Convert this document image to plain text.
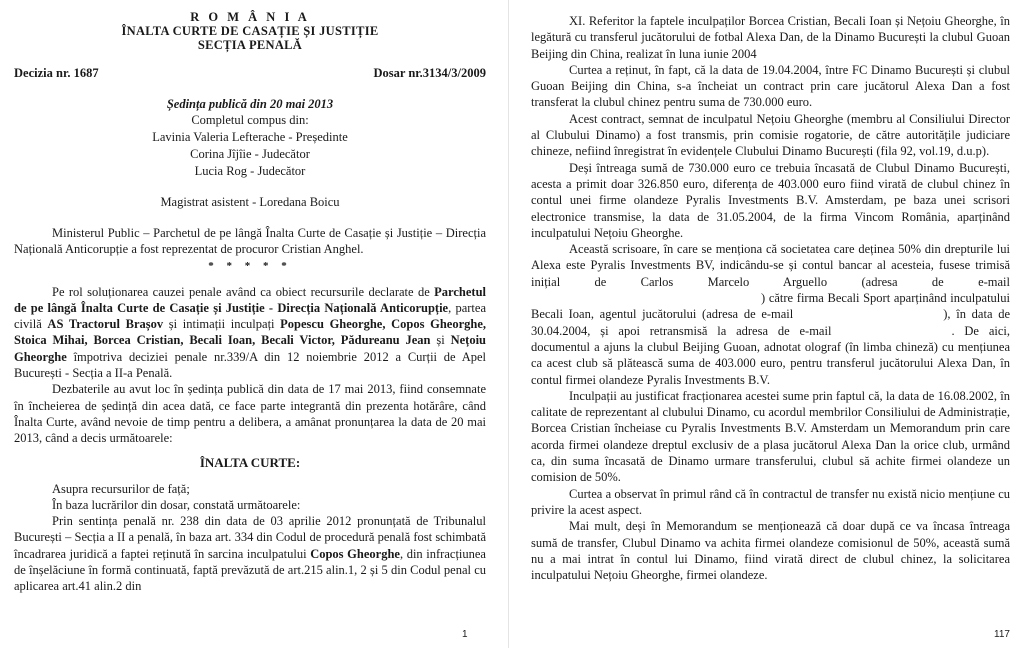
R O M Â N I A

ÎNALTA CURTE DE CASAȚIE ȘI JUSTIȚIE

SECȚIA PENALĂ

Decizia nr. 1687	Dosar nr.3134/3/2009

Ședința publică din 20 mai 2013

Completul compus din:

Lavinia Valeria Lefterache - Președinte

Corina Jîjîie - Judecător

Lucia Rog - Judecător

Magistrat asistent - Loredana Boicu

Ministerul Public – Parchetul de pe lângă Înalta Curte de Casație și Justiție – Direcția Națională Anticorupție a fost reprezentat de procuror Cristian Anghel.

* * * * *

Pe rol soluționarea cauzei penale având ca obiect recursurile declarate de Parchetul de pe lângă Înalta Curte de Casație și Justiție - Direcția Națională Anticorupție, partea civilă AS Tractorul Brașov și intimații inculpați Popescu Gheorghe, Copos Gheorghe, Stoica Mihai, Borcea Cristian, Becali Ioan, Becali Victor, Pădureanu Jean și Nețoiu Gheorghe împotriva deciziei penale nr.339/A din 12 noiembrie 2012 a Curții de Apel București - Secția a II-a Penală.

Dezbaterile au avut loc în ședința publică din data de 17 mai 2013, fiind consemnate în încheierea de ședință din acea dată, ce face parte integrantă din prezenta hotărâre, când Înalta Curte, având nevoie de timp pentru a delibera, a amânat pronunțarea la data de 20 mai 2013, când a decis următoarele:

ÎNALTA CURTE:

Asupra recursurilor de față;

În baza lucrărilor din dosar, constată următoarele:

Prin sentința penală nr. 238 din data de 03 aprilie 2012 pronunțată de Tribunalul București – Secția a II a penală, în baza art. 334 din Codul de procedură penală fost schimbată încadrarea juridică a faptei reținută în sarcina inculpatului Copos Gheorghe, din infracțiunea de înșelăciune în formă continuată, faptă prevăzută de art.215 alin.1, 2 și 5 din Codul penal cu aplicarea art.41 alin.2 din

1

XI. Referitor la faptele inculpaților Borcea Cristian, Becali Ioan și Nețoiu Gheorghe, în legătură cu transferul jucătorului de fotbal Alexa Dan, de la Dinamo București la clubul Guoan Beijing din China, realizat în luna iunie 2004

Curtea a reținut, în fapt, că la data de 19.04.2004, între FC Dinamo București și clubul Guoan Beijing din China, s-a încheiat un contract prin care jucătorul Alexa Dan a fost transferat la clubul chinez pentru suma de 730.000 euro.

Acest contract, semnat de inculpatul Nețoiu Gheorghe (membru al Consiliului Director al Clubului Dinamo) a fost transmis, prin comisie rogatorie, de către autoritățile judiciare chineze, nefiind înregistrat în evidențele Clubului Dinamo București (fila 92, vol.19, d.u.p).

Deși întreaga sumă de 730.000 euro ce trebuia încasată de Clubul Dinamo București, acesta a primit doar 326.850 euro, diferența de 403.000 euro fiind virată de clubul chinez în contul unei firme olandeze Pyralis Investments B.V. Amsterdam, pe baza unei scrisori electronice transmise, la data de 31.05.2004, de la firma Vincom România, aparținând inculpatului Nețoiu Gheorghe.

Această scrisoare, în care se menționa că societatea care deținea 50% din drepturile lui Alexa este Pyralis Investments BV, indicându-se și contul bancar al acesteia, fusese trimisă inițial de Carlos Marcelo Arguello (adresa de e-mail) către firma Becali Sport aparținând inculpatului Becali Ioan, agentul jucătorului (adresa de e-mail	), în data de 30.04.2004, și apoi retransmisă la adresa de e-mail	. De aici, documentul a ajuns la clubul Beijing Guoan, adnotat olograf (în limba chineză) cu mențiunea ca acest club să plătească suma de 403.000 euro, pentru transferul jucătorului Alexa Dan, în contul firmei olandeze Pyralis Investments B.V.

Inculpații au justificat fracționarea acestei sume prin faptul că, la data de 16.08.2002, în calitate de reprezentant al clubului Dinamo, cu acordul membrilor Consiliului de Administrație, Borcea Cristian încheiase cu Pyralis Investments B.V. Amsterdam un Memorandum prin care acorda firmei olandeze dreptul exclusiv de a plasa jucătorul Alexa Dan la orice club, urmând ca, din suma încasată de Dinamo urmare transferului, clubul să achite firmei olandeze un comision de 50%.

Curtea a observat în primul rând că în contractul de transfer nu există nicio mențiune cu privire la acest aspect.

Mai mult, deși în Memorandum se menționează că doar după ce va încasa întreaga sumă de transfer, Clubul Dinamo va achita firmei olandeze comisionul de 50%, această sumă nu a mai intrat în contul lui Dinamo, fiind virată direct de clubul chinez, la solicitarea inculpatului Nețoiu Gheorghe, firmei olandeze.

117
